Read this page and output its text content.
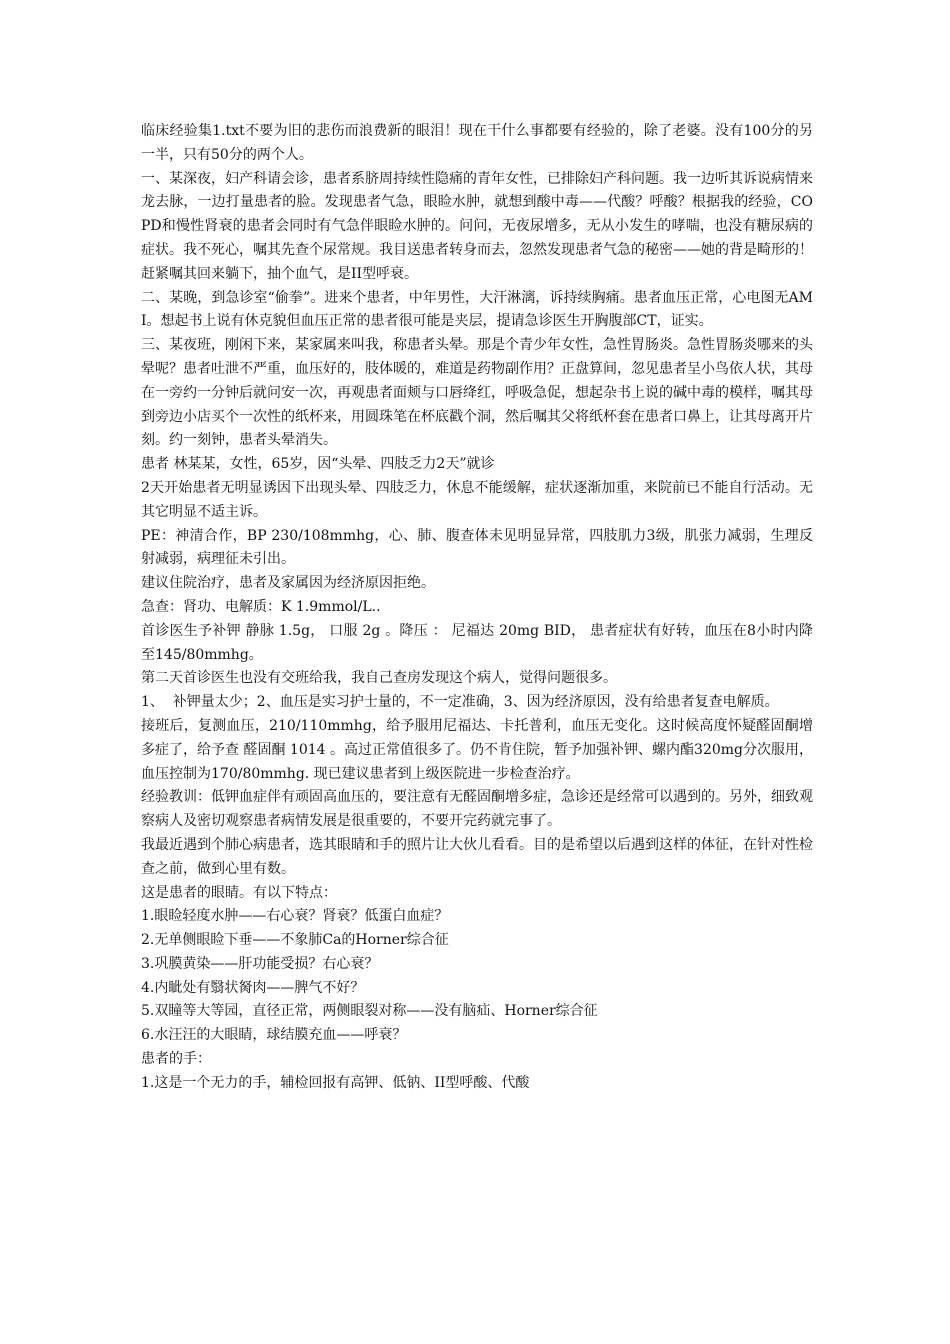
临床经验集1.txt不要为旧的悲伤而浪费新的眼泪！现在干什么事都要有经验的，除了老婆。没有100分的另一半，只有50分的两个人。

一、某深夜，妇产科请会诊，患者系脐周持续性隐痛的青年女性，已排除妇产科问题。我一边听其诉说病情来龙去脉，一边打量患者的脸。发现患者气急，眼睑水肿，就想到酸中毒——代酸？呼酸？根据我的经验，COPD和慢性肾衰的患者会同时有气急伴眼睑水肿的。问问，无夜尿增多，无从小发生的哮喘，也没有糖尿病的症状。我不死心，嘱其先查个尿常规。我目送患者转身而去，忽然发现患者气急的秘密——她的背是畸形的！赶紧嘱其回来躺下，抽个血气，是II型呼衰。

二、某晚，到急诊室“偷拳”。进来个患者，中年男性，大汗淋漓，诉持续胸痛。患者血压正常，心电图无AMI。想起书上说有休克貌但血压正常的患者很可能是夹层，提请急诊医生开胸腹部CT，证实。

三、某夜班，刚闲下来，某家属来叫我，称患者头晕。那是个青少年女性，急性胃肠炎。急性胃肠炎哪来的头晕呢？患者吐泄不严重，血压好的，肢体暖的，难道是药物副作用？正盘算间，忽见患者呈小鸟依人状，其母在一旁约一分钟后就问安一次，再观患者面颊与口唇绛红，呼吸急促，想起杂书上说的碱中毒的模样，嘱其母到旁边小店买个一次性的纸杯来，用圆珠笔在杯底戳个洞，然后嘱其父将纸杯套在患者口鼻上，让其母离开片刻。约一刻钟，患者头晕消失。

患者 林某某，女性，65岁，因“头晕、四肢乏力2天”就诊

2天开始患者无明显诱因下出现头晕、四肢乏力，休息不能缓解，症状逐渐加重，来院前已不能自行活动。无其它明显不适主诉。

PE：神清合作，BP 230/108mmhg，心、肺、腹查体未见明显异常，四肢肌力3级，肌张力减弱，生理反射减弱，病理征未引出。

建议住院治疗，患者及家属因为经济原因拒绝。

急查：肾功、电解质：K 1.9mmol/L..

首诊医生予补钾 静脉 1.5g， 口服 2g 。降压 ： 尼福达 20mg BID， 患者症状有好转，血压在8小时内降至145/80mmhg。

第二天首诊医生也没有交班给我，我自己查房发现这个病人，觉得问题很多。

1、  补钾量太少；2、血压是实习护士量的，不一定准确，3、因为经济原因，没有给患者复查电解质。

接班后，复测血压，210/110mmhg，给予服用尼福达、卡托普利，血压无变化。这时候高度怀疑醛固酮增多症了，给予查 醛固酮 1014 。高过正常值很多了。仍不肯住院，暂予加强补钾、螺内酯320mg分次服用，血压控制为170/80mmhg. 现已建议患者到上级医院进一步检查治疗。

经验教训：低钾血症伴有顽固高血压的，要注意有无醛固酮增多症，急诊还是经常可以遇到的。另外，细致观察病人及密切观察患者病情发展是很重要的，不要开完药就完事了。

我最近遇到个肺心病患者，选其眼睛和手的照片让大伙儿看看。目的是希望以后遇到这样的体征，在针对性检查之前，做到心里有数。

这是患者的眼睛。有以下特点：

1.眼睑轻度水肿——右心衰？肾衰？低蛋白血症？

2.无单侧眼睑下垂——不象肺Ca的Horner综合征

3.巩膜黄染——肝功能受损？右心衰？

4.内眦处有翳状胬肉——脾气不好？

5.双瞳等大等园，直径正常，两侧眼裂对称——没有脑疝、Horner综合征

6.水汪汪的大眼睛，球结膜充血——呼衰？

患者的手：

1.这是一个无力的手，辅检回报有高钾、低钠、II型呼酸、代酸
